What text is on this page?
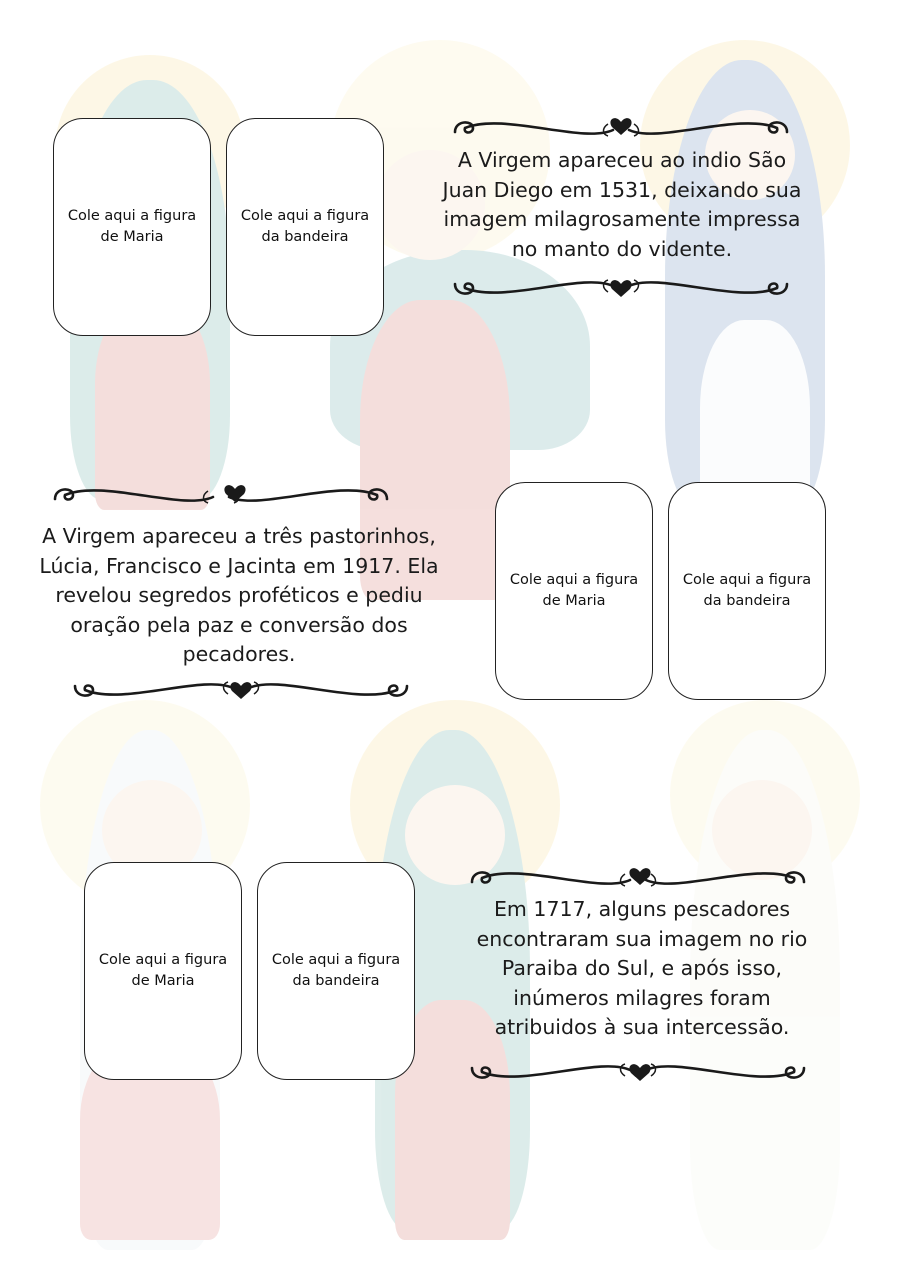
Cole aqui a figura
de Maria
Cole aqui a figura
da bandeira
A Virgem apareceu ao indio São Juan Diego em 1531, deixando sua imagem milagrosamente impressa no manto do vidente.
A Virgem apareceu a três pastorinhos, Lúcia, Francisco e Jacinta em 1917. Ela revelou segredos proféticos e pediu oração pela paz e conversão dos pecadores.
Cole aqui a figura
de Maria
Cole aqui a figura
da bandeira
Cole aqui a figura
de Maria
Cole aqui a figura
da bandeira
Em 1717, alguns pescadores encontraram sua imagem no rio Paraiba do Sul, e após isso, inúmeros milagres foram atribuidos à sua intercessão.
